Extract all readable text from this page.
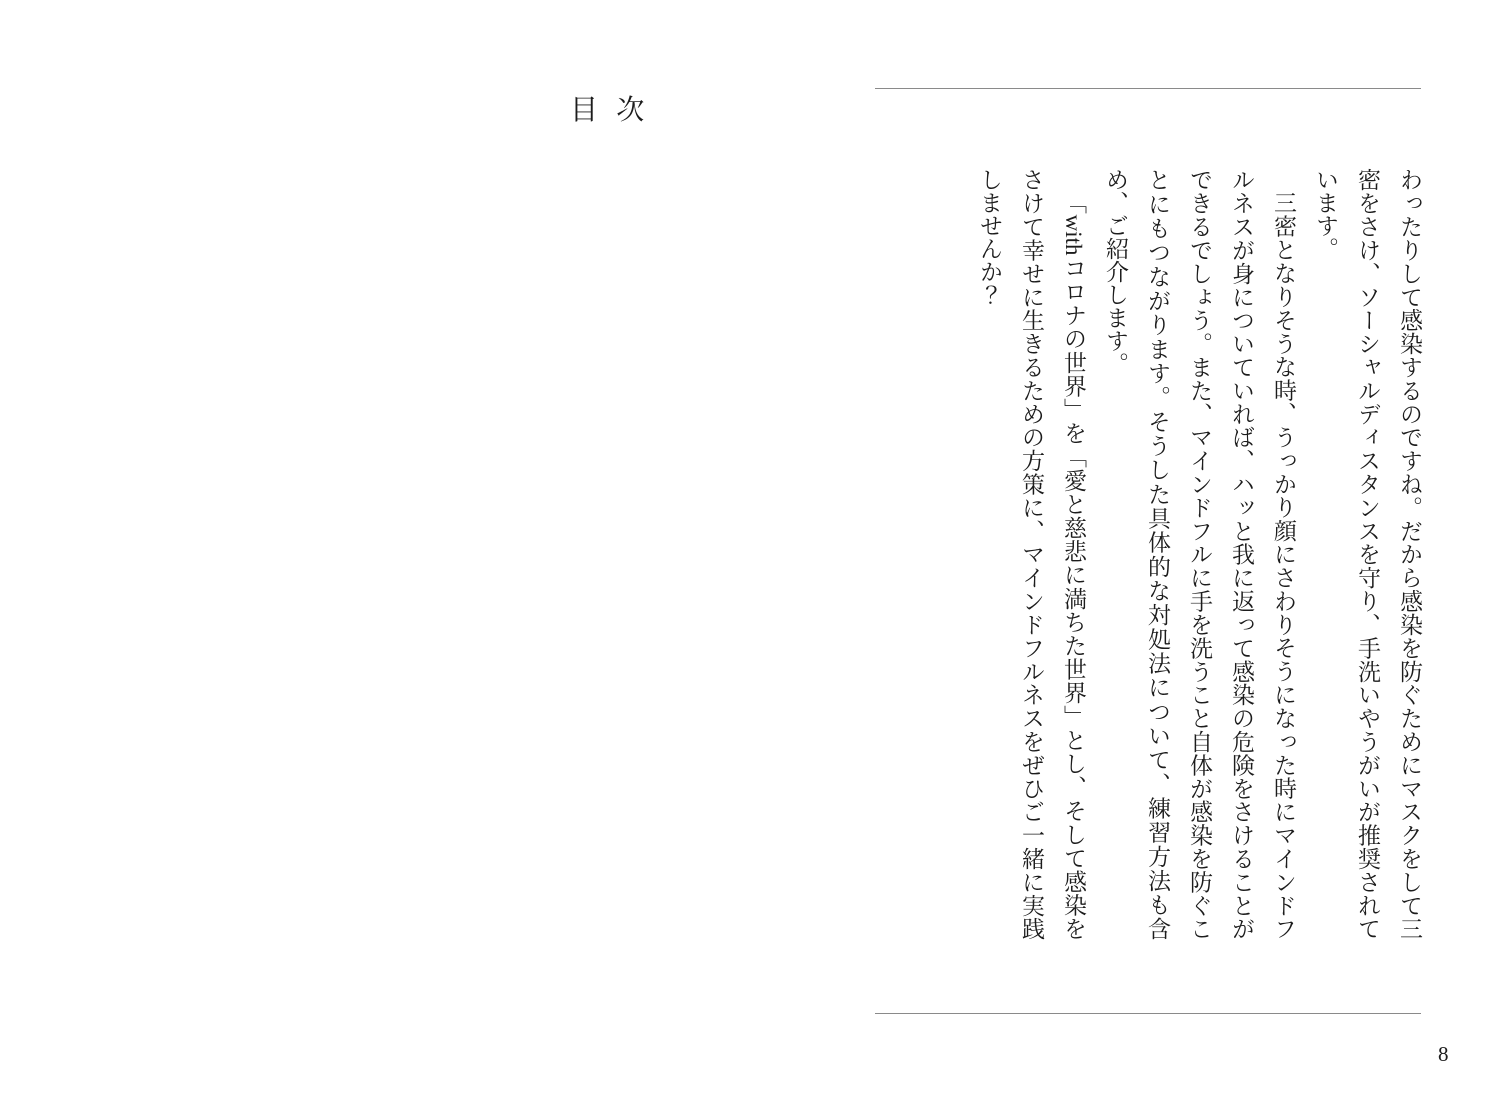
目次

わったりして感染するのですね。だから感染を防ぐためにマスクをして三密をさけ、ソーシャルディスタンスを守り、手洗いやうがいが推奨されています。

三密となりそうな時、うっかり顔にさわりそうになった時にマインドフルネスが身についていれば、ハッと我に返って感染の危険をさけることができるでしょう。また、マインドフルに手を洗うこと自体が感染を防ぐことにもつながります。そうした具体的な対処法について、練習方法も含め、ご紹介します。

「withコロナの世界」を「愛と慈悲に満ちた世界」とし、そして感染をさけて幸せに生きるための方策に、マインドフルネスをぜひご一緒に実践しませんか？

8
